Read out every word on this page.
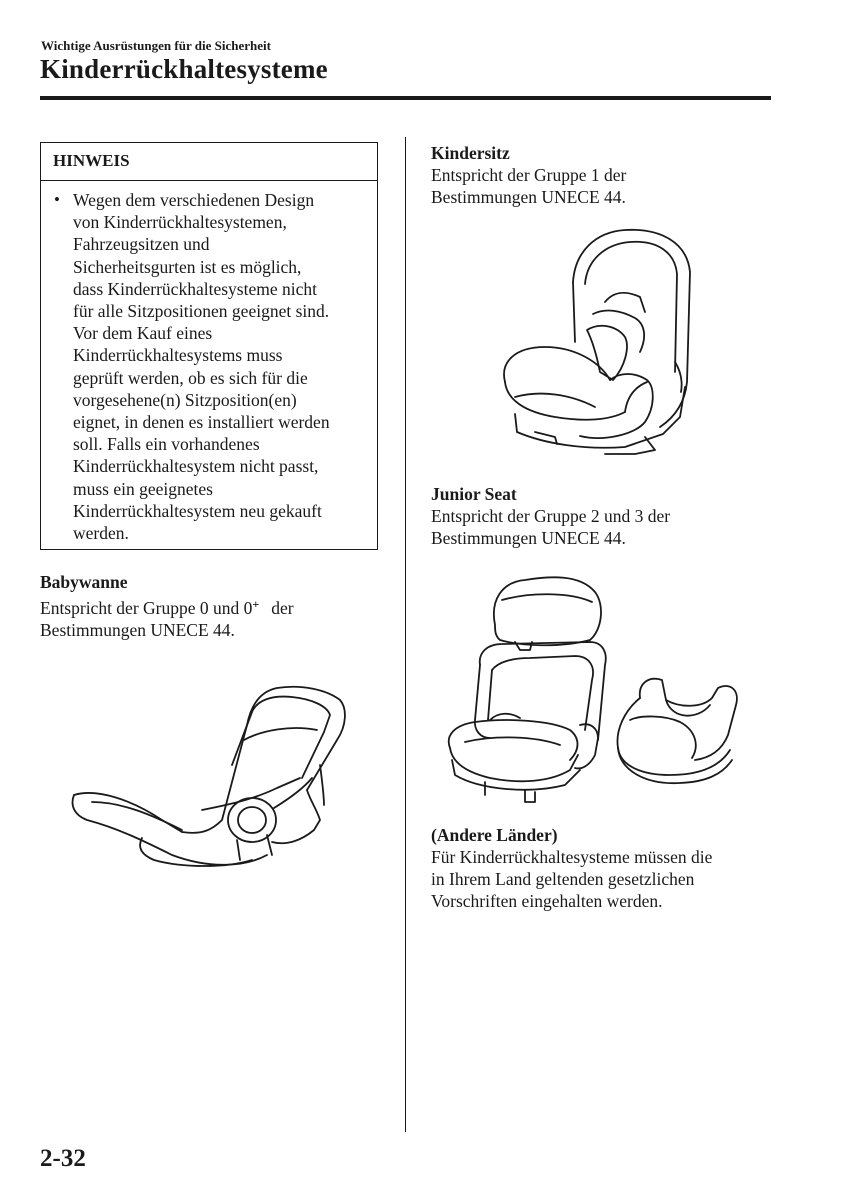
Wichtige Ausrüstungen für die Sicherheit
Kinderrückhaltesysteme
HINWEIS
• Wegen dem verschiedenen Design
von Kinderrückhaltesystemen,
Fahrzeugsitzen und
Sicherheitsgurten ist es möglich,
dass Kinderrückhaltesysteme nicht
für alle Sitzpositionen geeignet sind.
Vor dem Kauf eines
Kinderrückhaltesystems muss
geprüft werden, ob es sich für die
vorgesehene(n) Sitzposition(en)
eignet, in denen es installiert werden
soll. Falls ein vorhandenes
Kinderrückhaltesystem nicht passt,
muss ein geeignetes
Kinderrückhaltesystem neu gekauft
werden.
Babywanne
Entspricht der Gruppe 0 und 0+ der
Bestimmungen UNECE 44.
Kindersitz
Entspricht der Gruppe 1 der
Bestimmungen UNECE 44.
Junior Seat
Entspricht der Gruppe 2 und 3 der
Bestimmungen UNECE 44.
(Andere Länder)
Für Kinderrückhaltesysteme müssen die
in Ihrem Land geltenden gesetzlichen
Vorschriften eingehalten werden.
2-32
